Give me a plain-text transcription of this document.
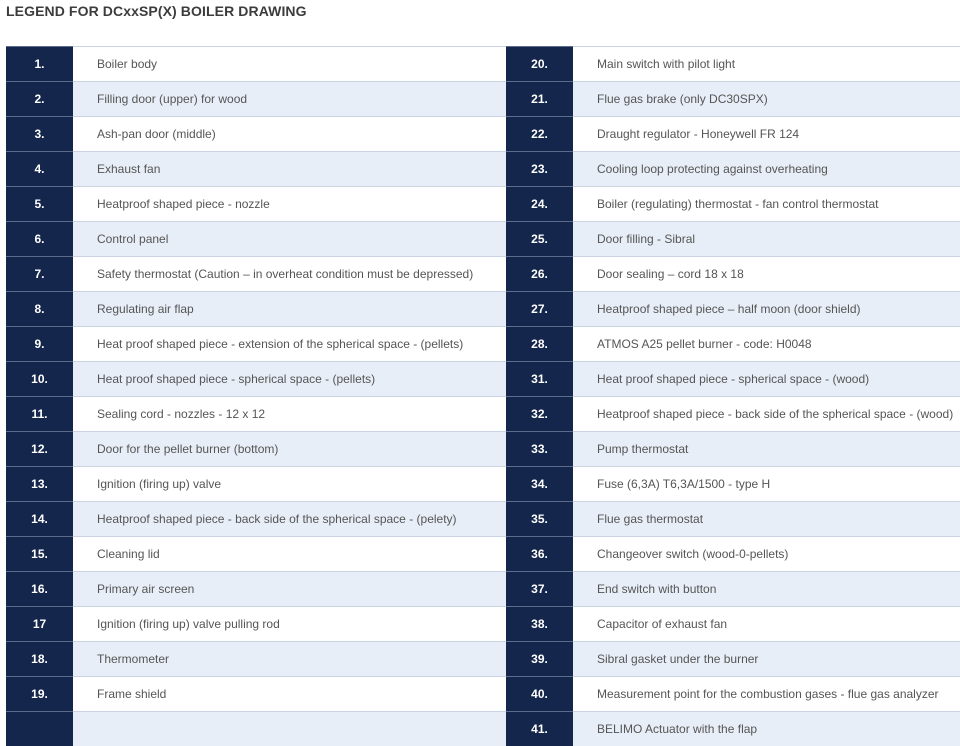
LEGEND FOR DCxxSP(X) BOILER DRAWING
1.	Boiler body	20.	Main switch with pilot light
2.	Filling door (upper) for wood	21.	Flue gas brake (only DC30SPX)
3.	Ash-pan door (middle)	22.	Draught regulator - Honeywell FR 124
4.	Exhaust fan	23.	Cooling loop protecting against overheating
5.	Heatproof shaped piece - nozzle	24.	Boiler (regulating) thermostat - fan control thermostat
6.	Control panel	25.	Door filling - Sibral
7.	Safety thermostat (Caution – in overheat condition must be depressed)	26.	Door sealing – cord 18 x 18
8.	Regulating air flap	27.	Heatproof shaped piece – half moon (door shield)
9.	Heat proof shaped piece - extension of the spherical space - (pellets)	28.	ATMOS A25 pellet burner - code: H0048
10.	Heat proof shaped piece - spherical space - (pellets)	31.	Heat proof shaped piece - spherical space - (wood)
11.	Sealing cord - nozzles - 12 x 12	32.	Heatproof shaped piece - back side of the spherical space - (wood)
12.	Door for the pellet burner (bottom)	33.	Pump thermostat
13.	Ignition (firing up) valve	34.	Fuse (6,3A) T6,3A/1500 - type H
14.	Heatproof shaped piece - back side of the spherical space - (pelety)	35.	Flue gas thermostat
15.	Cleaning lid	36.	Changeover switch (wood-0-pellets)
16.	Primary air screen	37.	End switch with button
17	Ignition (firing up) valve pulling rod	38.	Capacitor of exhaust fan
18.	Thermometer	39.	Sibral gasket under the burner
19.	Frame shield	40.	Measurement point for the combustion gases - flue gas analyzer
		41.	BELIMO Actuator with the flap
